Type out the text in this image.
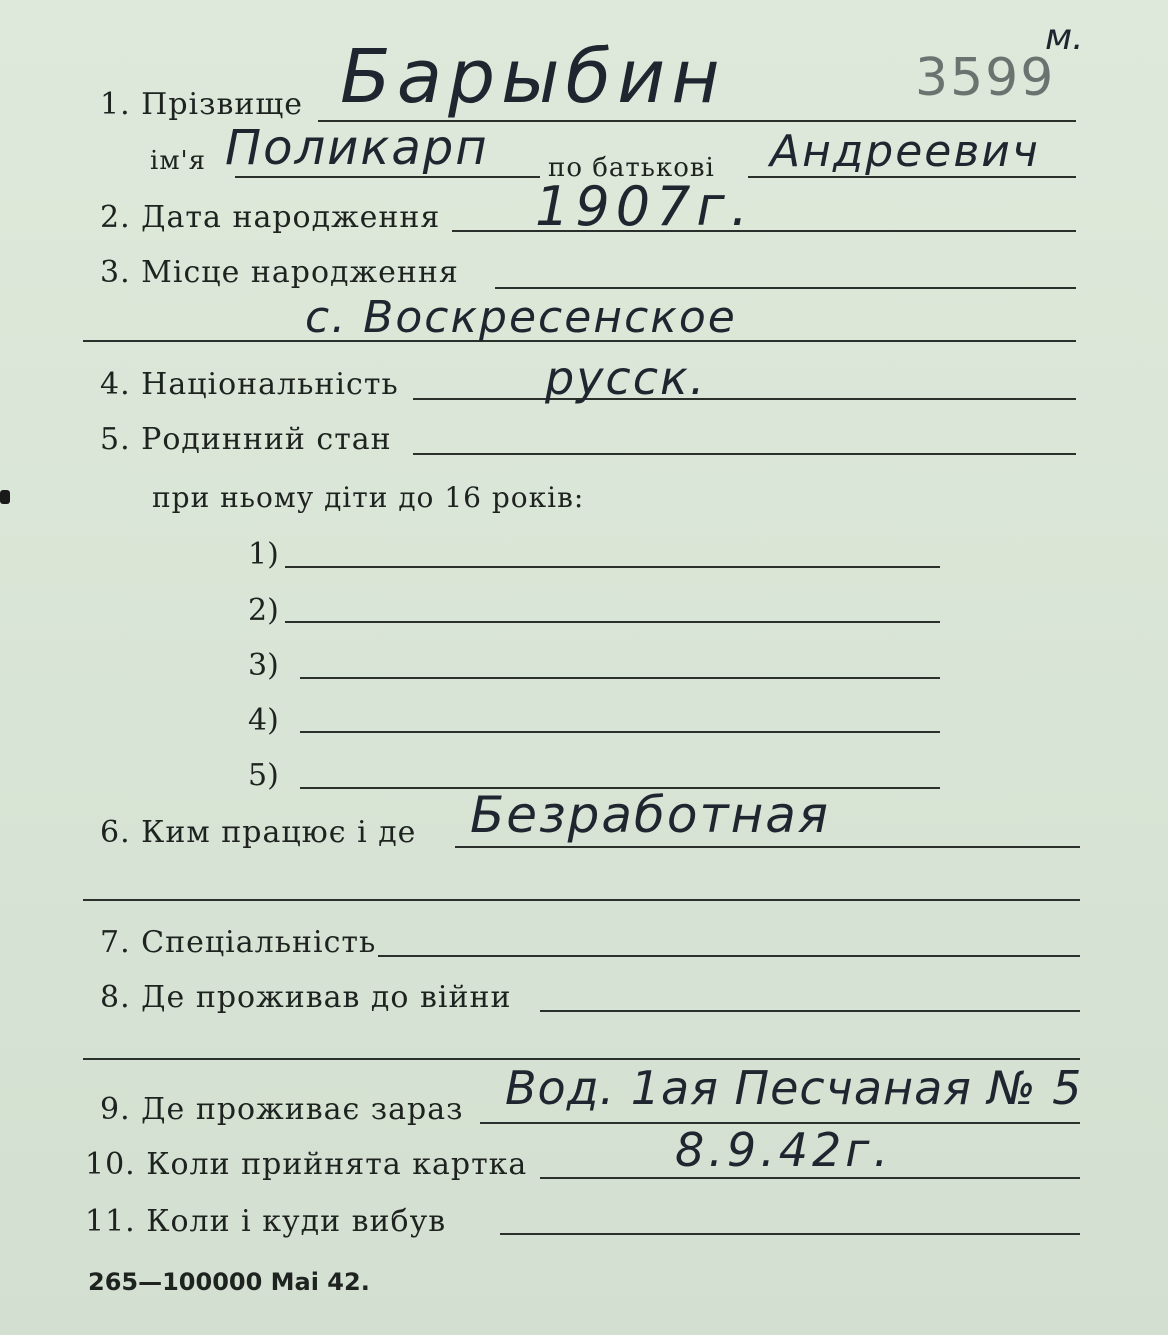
3599
м.
1. Прізвище Барыбин
ім'я Поликарп по батькові Андреевич
2. Дата народження 1907г.
3. Місце народження
с. Воскресенское
4. Національність	русск.
5. Родинний стан
при ньому діти до 16 років:
1)
2)
3)
4)
5)
6. Ким працює і де Безработная
7. Спеціальність
8. Де проживав до війни
9. Де проживає зараз Вод. 1ая Песчаная № 5
10. Коли прийнята картка	8.9.42г.
11. Коли і куди вибув
265—100000 Mai 42.
